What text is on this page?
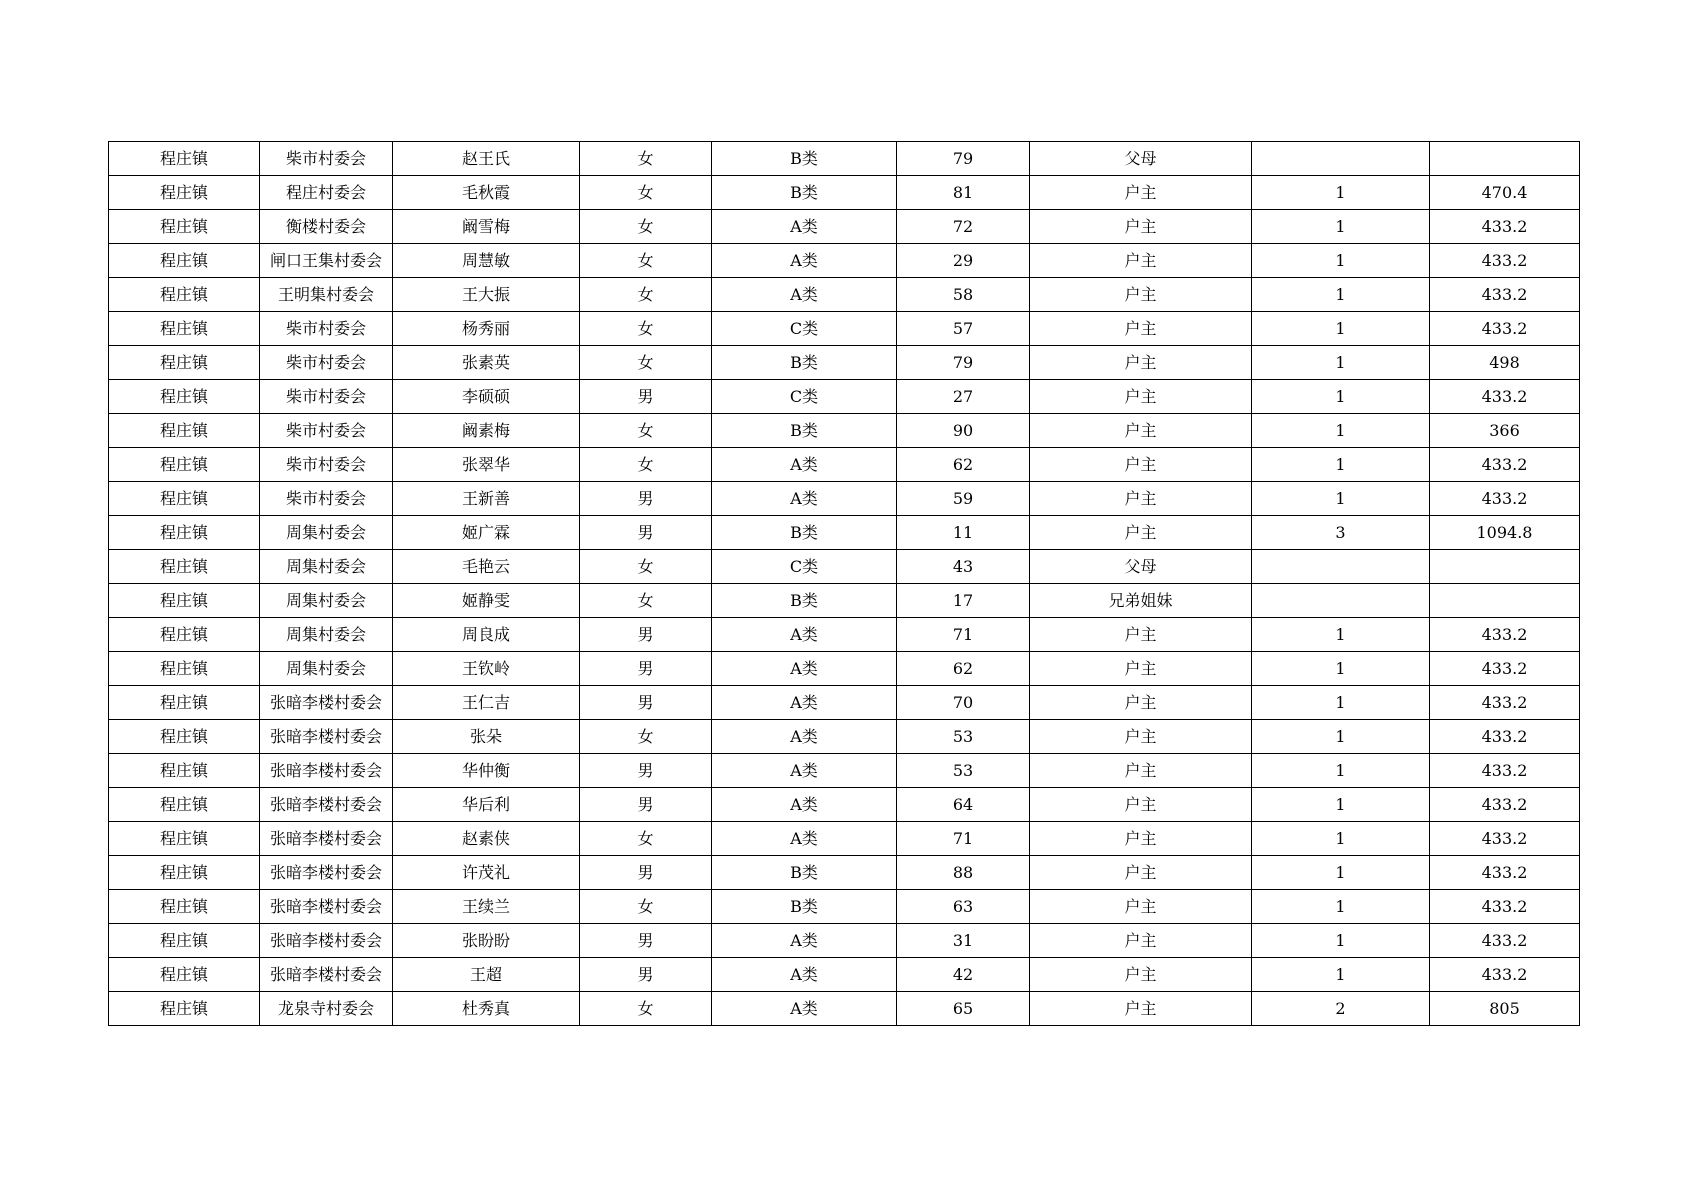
程庄镇	柴市村委会	赵王氏	女	B类	79	父母		
程庄镇	程庄村委会	毛秋霞	女	B类	81	户主	1	470.4
程庄镇	衡楼村委会	阚雪梅	女	A类	72	户主	1	433.2
程庄镇	闸口王集村委会	周慧敏	女	A类	29	户主	1	433.2
程庄镇	王明集村委会	王大振	女	A类	58	户主	1	433.2
程庄镇	柴市村委会	杨秀丽	女	C类	57	户主	1	433.2
程庄镇	柴市村委会	张素英	女	B类	79	户主	1	498
程庄镇	柴市村委会	李硕硕	男	C类	27	户主	1	433.2
程庄镇	柴市村委会	阚素梅	女	B类	90	户主	1	366
程庄镇	柴市村委会	张翠华	女	A类	62	户主	1	433.2
程庄镇	柴市村委会	王新善	男	A类	59	户主	1	433.2
程庄镇	周集村委会	姬广霖	男	B类	11	户主	3	1094.8
程庄镇	周集村委会	毛艳云	女	C类	43	父母		
程庄镇	周集村委会	姬静雯	女	B类	17	兄弟姐妹		
程庄镇	周集村委会	周良成	男	A类	71	户主	1	433.2
程庄镇	周集村委会	王钦岭	男	A类	62	户主	1	433.2
程庄镇	张暗李楼村委会	王仁吉	男	A类	70	户主	1	433.2
程庄镇	张暗李楼村委会	张朵	女	A类	53	户主	1	433.2
程庄镇	张暗李楼村委会	华仲衡	男	A类	53	户主	1	433.2
程庄镇	张暗李楼村委会	华后利	男	A类	64	户主	1	433.2
程庄镇	张暗李楼村委会	赵素侠	女	A类	71	户主	1	433.2
程庄镇	张暗李楼村委会	许茂礼	男	B类	88	户主	1	433.2
程庄镇	张暗李楼村委会	王续兰	女	B类	63	户主	1	433.2
程庄镇	张暗李楼村委会	张盼盼	男	A类	31	户主	1	433.2
程庄镇	张暗李楼村委会	王超	男	A类	42	户主	1	433.2
程庄镇	龙泉寺村委会	杜秀真	女	A类	65	户主	2	805
